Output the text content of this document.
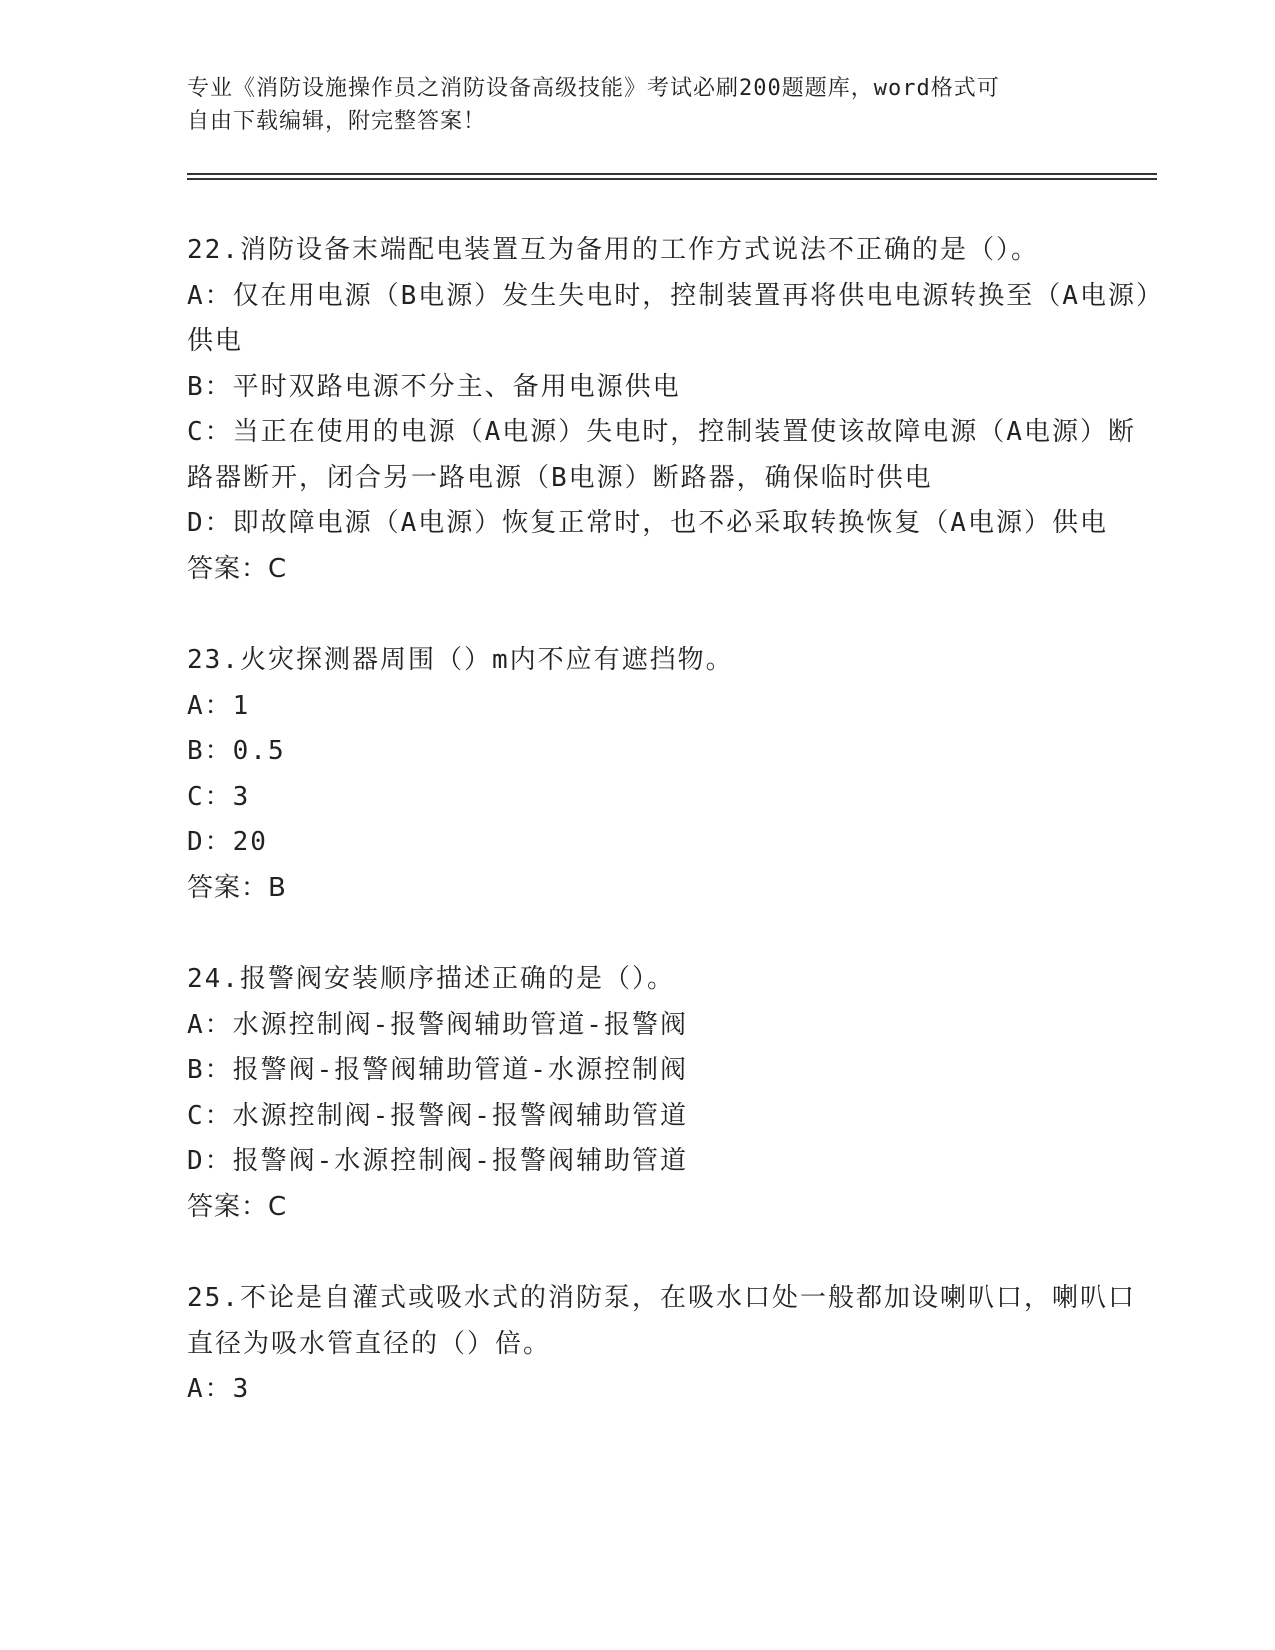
专业《消防设施操作员之消防设备高级技能》考试必刷200题题库，word格式可
自由下载编辑，附完整答案！

22.消防设备末端配电装置互为备用的工作方式说法不正确的是（）。

A：仅在用电源（B电源）发生失电时，控制装置再将供电电源转换至（A电源）供电

B：平时双路电源不分主、备用电源供电

C：当正在使用的电源（A电源）失电时，控制装置使该故障电源（A电源）断路器断开，闭合另一路电源（B电源）断路器，确保临时供电

D：即故障电源（A电源）恢复正常时，也不必采取转换恢复（A电源）供电

答案：C

23.火灾探测器周围（）m内不应有遮挡物。

A：1

B：0.5

C：3

D：20

答案：B

24.报警阀安装顺序描述正确的是（）。

A：水源控制阀-报警阀辅助管道-报警阀

B：报警阀-报警阀辅助管道-水源控制阀

C：水源控制阀-报警阀-报警阀辅助管道

D：报警阀-水源控制阀-报警阀辅助管道

答案：C

25.不论是自灌式或吸水式的消防泵，在吸水口处一般都加设喇叭口，喇叭口直径为吸水管直径的（）倍。

A：3
